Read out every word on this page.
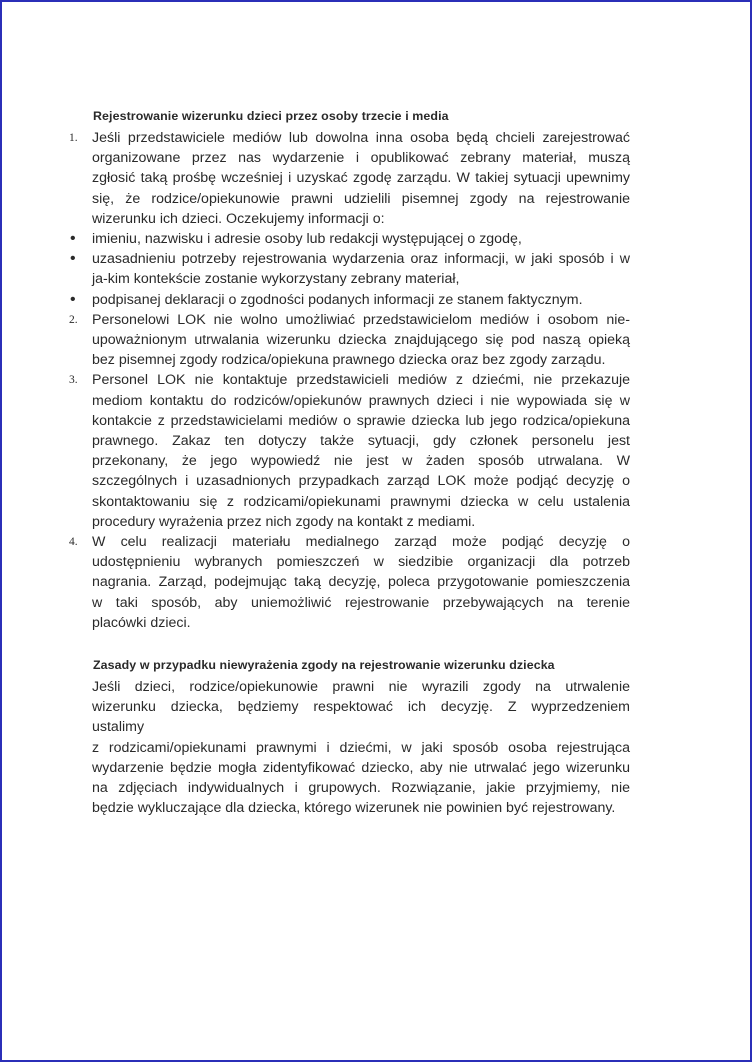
Rejestrowanie wizerunku dzieci przez osoby trzecie i media
1. Jeśli przedstawiciele mediów lub dowolna inna osoba będą chcieli zarejestrować
organizowane przez nas wydarzenie i opublikować zebrany materiał, muszą
zgłosić taką prośbę wcześniej i uzyskać zgodę zarządu. W takiej sytuacji upewnimy
się, że rodzice/opiekunowie prawni udzielili pisemnej zgody na rejestrowanie
wizerunku ich dzieci. Oczekujemy informacji o:
• imieniu, nazwisku i adresie osoby lub redakcji występującej o zgodę,
• uzasadnieniu potrzeby rejestrowania wydarzenia oraz informacji, w jaki sposób i w
ja-kim kontekście zostanie wykorzystany zebrany materiał,
• podpisanej deklaracji o zgodności podanych informacji ze stanem faktycznym.
2. Personelowi LOK nie wolno umożliwiać przedstawicielom mediów i osobom nie-
upoważnionym utrwalania wizerunku dziecka znajdującego się pod naszą opieką
bez pisemnej zgody rodzica/opiekuna prawnego dziecka oraz bez zgody zarządu.
3. Personel LOK nie kontaktuje przedstawicieli mediów z dziećmi, nie przekazuje
mediom kontaktu do rodziców/opiekunów prawnych dzieci i nie wypowiada się w
kontakcie z przedstawicielami mediów o sprawie dziecka lub jego rodzica/opiekuna
prawnego. Zakaz ten dotyczy także sytuacji, gdy członek personelu jest
przekonany, że jego wypowiedź nie jest w żaden sposób utrwalana. W
szczególnych i uzasadnionych przypadkach zarząd LOK może podjąć decyzję o
skontaktowaniu się z rodzicami/opiekunami prawnymi dziecka w celu ustalenia
procedury wyrażenia przez nich zgody na kontakt z mediami.
4. W celu realizacji materiału medialnego zarząd może podjąć decyzję o
udostępnieniu wybranych pomieszczeń w siedzibie organizacji dla potrzeb
nagrania. Zarząd, podejmując taką decyzję, poleca przygotowanie pomieszczenia
w taki sposób, aby uniemożliwić rejestrowanie przebywających na terenie
placówki dzieci.
Zasady w przypadku niewyrażenia zgody na rejestrowanie wizerunku dziecka
Jeśli dzieci, rodzice/opiekunowie prawni nie wyrazili zgody na utrwalenie
wizerunku dziecka, będziemy respektować ich decyzję. Z wyprzedzeniem
ustalimy
z rodzicami/opiekunami prawnymi i dziećmi, w jaki sposób osoba rejestrująca
wydarzenie będzie mogła zidentyfikować dziecko, aby nie utrwalać jego wizerunku
na zdjęciach indywidualnych i grupowych. Rozwiązanie, jakie przyjmiemy, nie
będzie wykluczające dla dziecka, którego wizerunek nie powinien być rejestrowany.
